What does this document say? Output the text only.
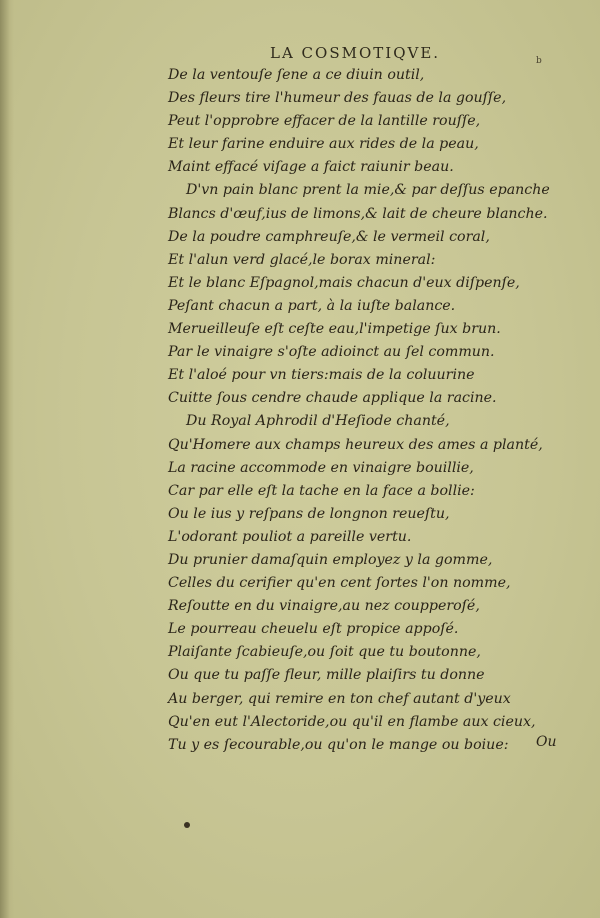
LA COSMOTIQVE.	b
De la ventouſe ſene a ce diuin outil,
Des fleurs tire l'humeur des fauas de la gouſſe,
Peut l'opprobre effacer de la lantille rouſſe,
Et leur farine enduire aux rides de la peau,
Maint effacé viſage a faict raiunir beau.
D'vn pain blanc prent la mie,& par deſſus epanche
Blancs d'œuf,ius de limons,& lait de cheure blanche.
De la poudre camphreuſe,& le vermeil coral,
Et l'alun verd glacé,le borax mineral:
Et le blanc Eſpagnol,mais chacun d'eux diſpenſe,
Peſant chacun a part, à la iuſte balance.
Merueilleuſe eſt ceſte eau,l'impetige ſux brun.
Par le vinaigre s'oſte adioinct au ſel commun.
Et l'aloé pour vn tiers:mais de la coluurine
Cuitte ſous cendre chaude applique la racine.
Du Royal Aphrodil d'Heſiode chanté,
Qu'Homere aux champs heureux des ames a planté,
La racine accommode en vinaigre bouillie,
Car par elle eſt la tache en la face a bollie:
Ou le ius y reſpans de longnon reueſtu,
L'odorant pouliot a pareille vertu.
Du prunier damaſquin employez y la gomme,
Celles du cerifier qu'en cent ſortes l'on nomme,
Reſoutte en du vinaigre,au nez coupperoſé,
Le pourreau cheuelu eſt propice appoſé.
Plaiſante ſcabieuſe,ou ſoit que tu boutonne,
Ou que tu paſſe fleur, mille plaiſirs tu donne
Au berger, qui remire en ton chef autant d'yeux
Qu'en eut l'Alectoride,ou qu'il en flambe aux cieux,
Tu y es ſecourable,ou qu'on le mange ou boiue:	Ou
